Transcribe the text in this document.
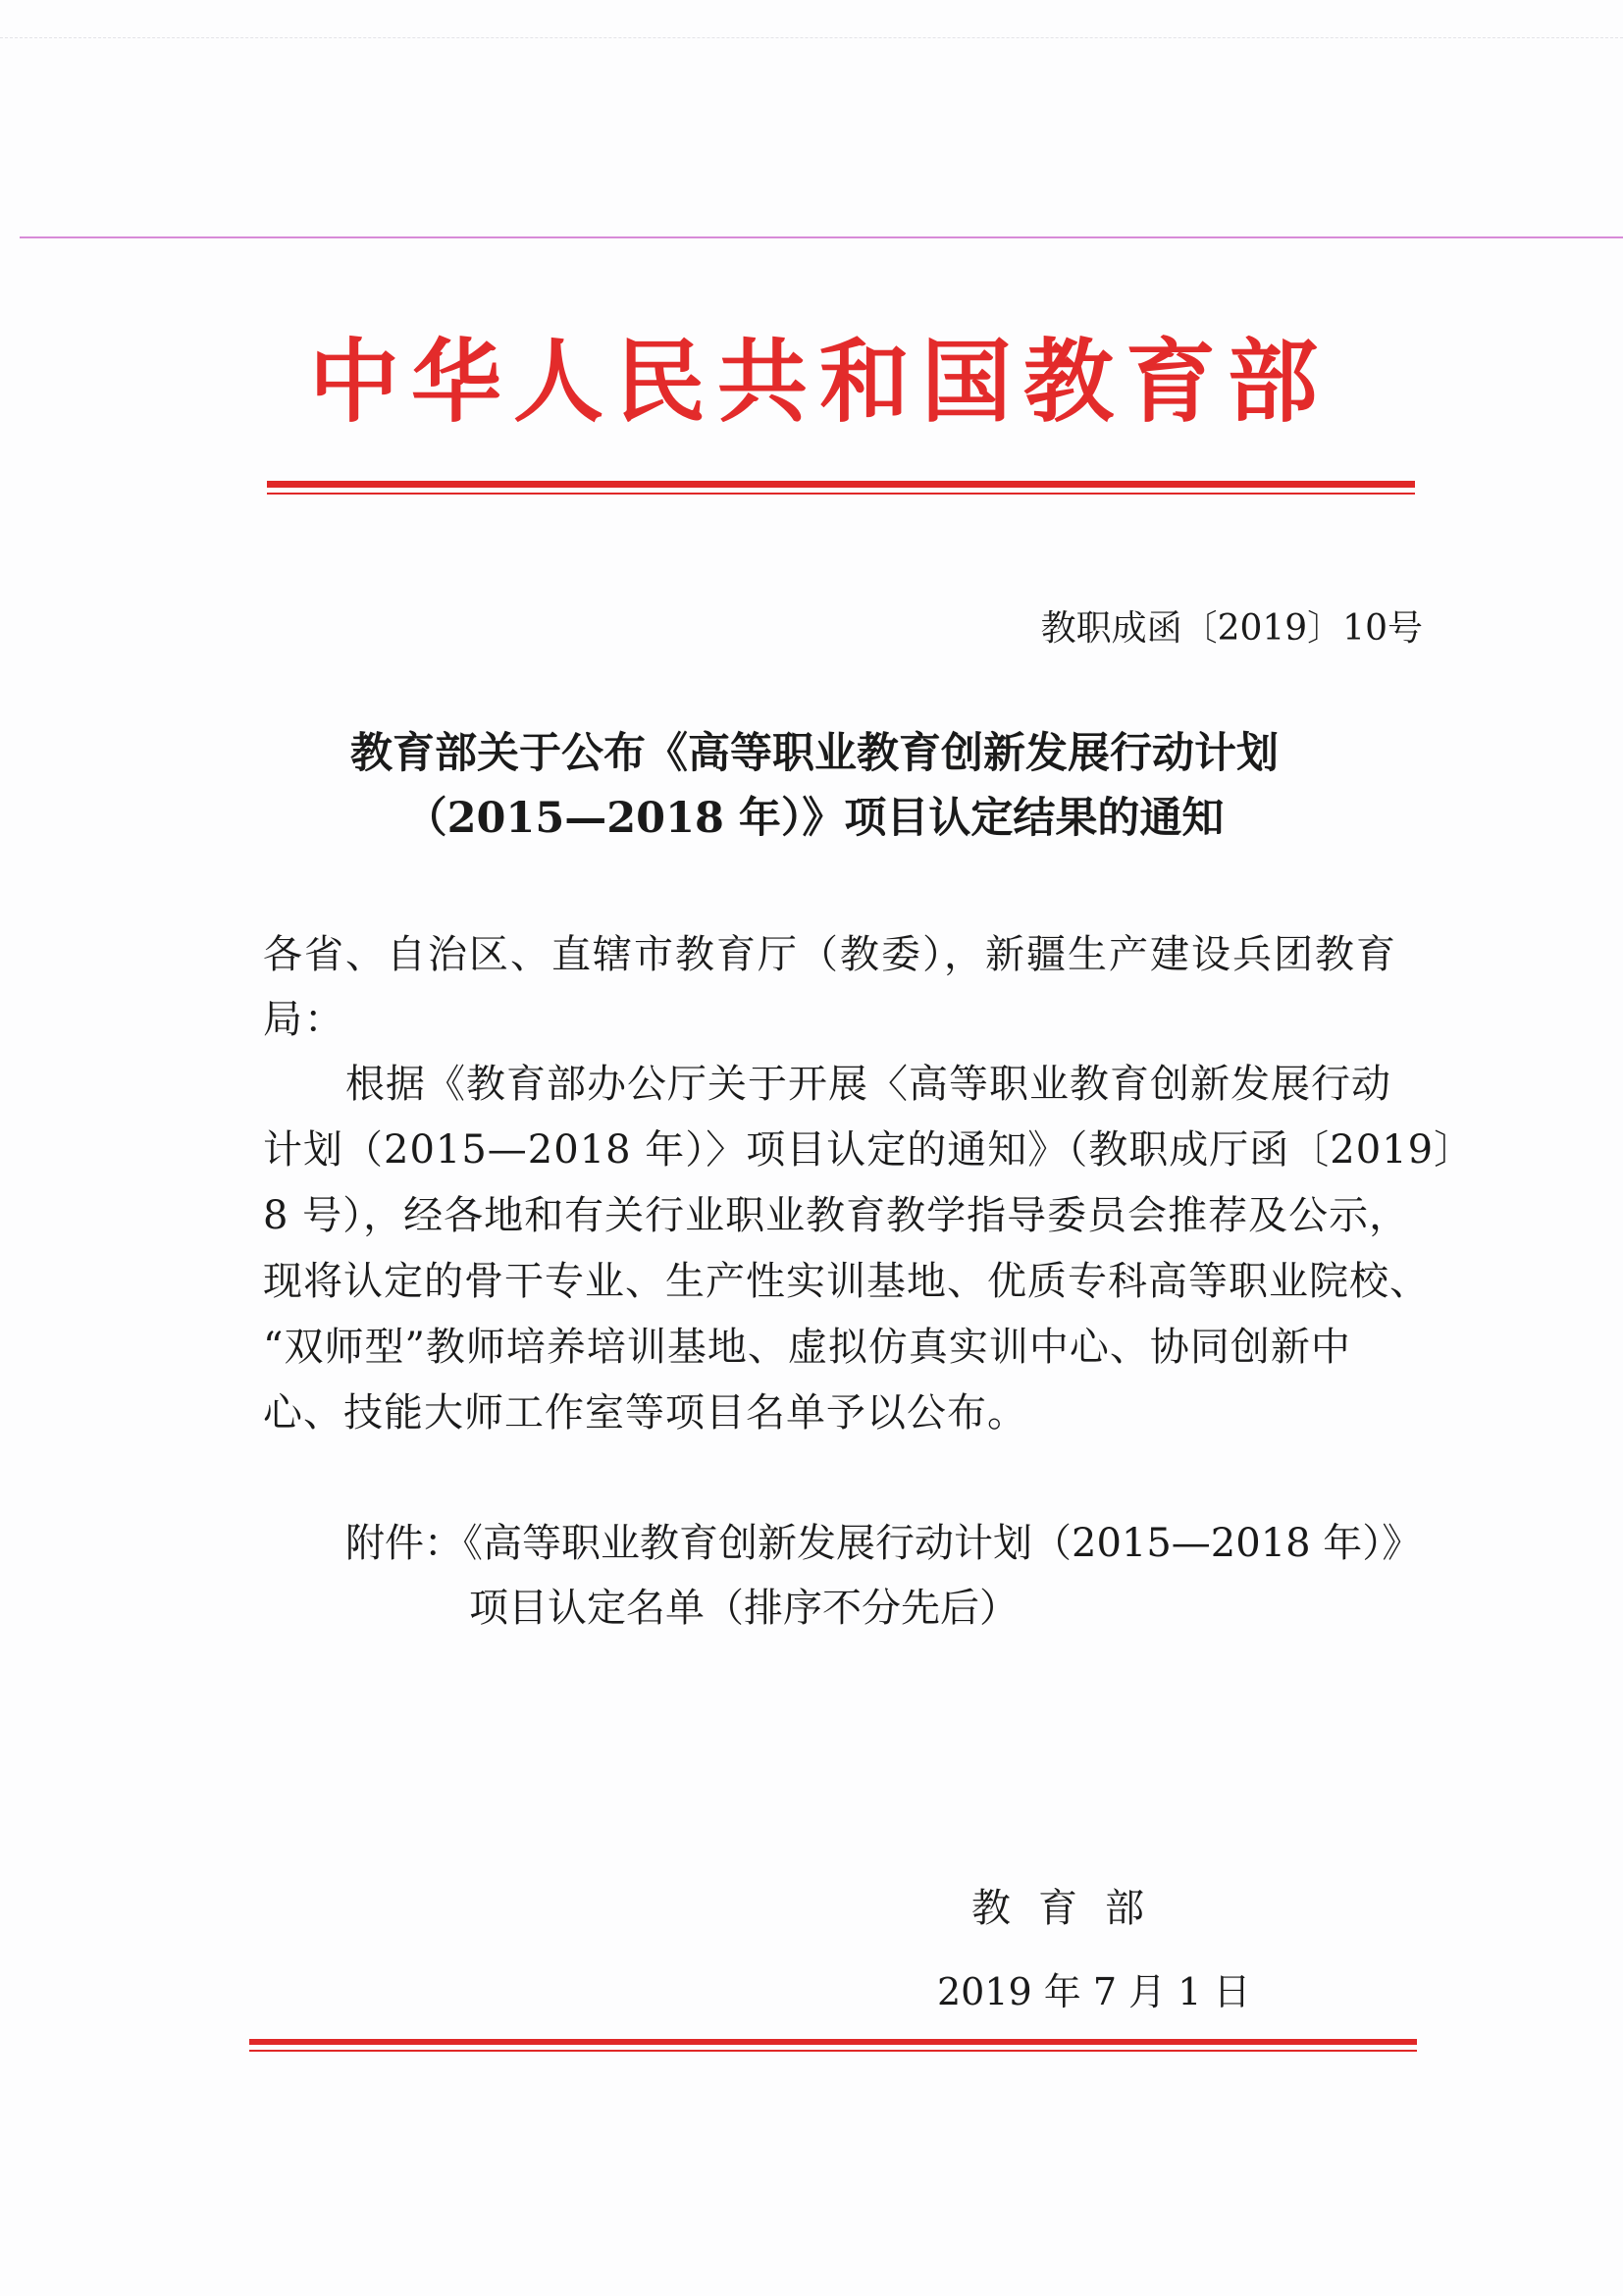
中华人民共和国教育部
教职成函〔2019〕10号
教育部关于公布《高等职业教育创新发展行动计划
（2015—2018 年）》项目认定结果的通知
各省、自治区、直辖市教育厅（教委），新疆生产建设兵团教育局：
根据《教育部办公厅关于开展〈高等职业教育创新发展行动
计划（2015—2018 年）〉项目认定的通知》（教职成厅函〔2019〕
8 号），经各地和有关行业职业教育教学指导委员会推荐及公示，
现将认定的骨干专业、生产性实训基地、优质专科高等职业院校、
“双师型”教师培养培训基地、虚拟仿真实训中心、协同创新中
心、技能大师工作室等项目名单予以公布。
附件：《高等职业教育创新发展行动计划（2015—2018 年）》
项目认定名单（排序不分先后）
教育部
2019 年 7 月 1 日
